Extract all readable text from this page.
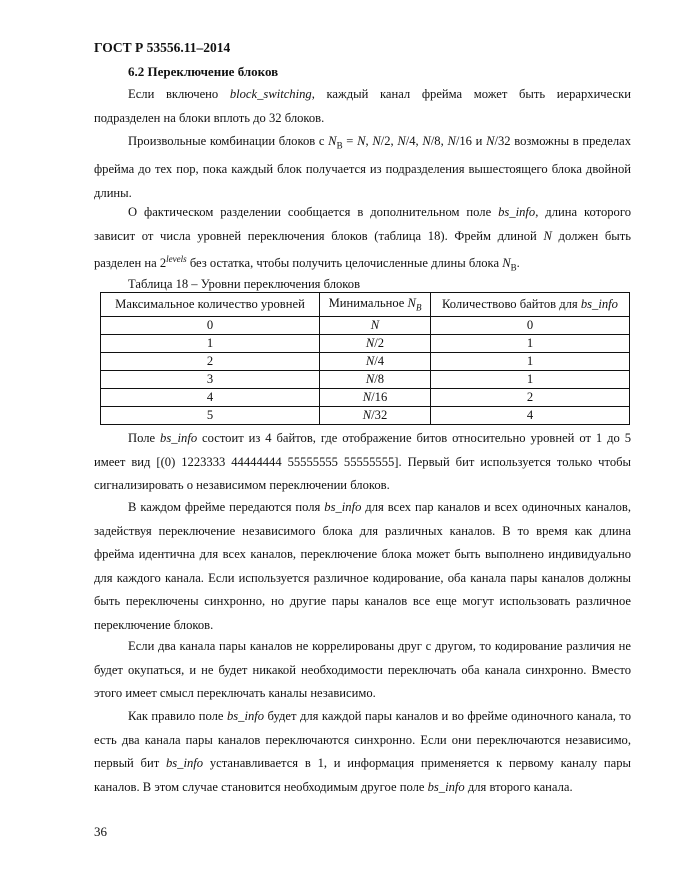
ГОСТ Р 53556.11–2014
6.2 Переключение блоков

Если включено block_switching, каждый канал фрейма может быть иерархически подразделен на блоки вплоть до 32 блоков.

Произвольные комбинации блоков с $N_B = N$, N/2, N/4, N/8, N/16 и N/32 возможны в пределах фрейма до тех пор, пока каждый блок получается из подразделения вышестоящего блока двойной длины.

О фактическом разделении сообщается в дополнительном поле bs_info, длина которого зависит от числа уровней переключения блоков (таблица 18). Фрейм длиной N должен быть разделен на $2^{levels}$ без остатка, чтобы получить целочисленные длины блока $N_B$.

Таблица 18 – Уровни переключения блоков
Максимальное количество уровней	Минимальное $N_B$	Количествово байтов для bs_info
0	N	0
1	N/2	1
2	N/4	1
3	N/8	1
4	N/16	2
5	N/32	4

Поле bs_info состоит из 4 байтов, где отображение битов относительно уровней от 1 до 5 имеет вид [(0) 1223333 44444444 55555555 55555555]. Первый бит используется только чтобы сигнализировать о независимом переключении блоков.

В каждом фрейме передаются поля bs_info для всех пар каналов и всех одиночных каналов, задействуя переключение независимого блока для различных каналов. В то время как длина фрейма идентична для всех каналов, переключение блока может быть выполнено индивидуально для каждого канала. Если используется различное кодирование, оба канала пары каналов должны быть переключены синхронно, но другие пары каналов все еще могут использовать различное переключение блоков.

Если два канала пары каналов не коррелированы друг с другом, то кодирование различия не будет окупаться, и не будет никакой необходимости переключать оба канала синхронно. Вместо этого имеет смысл переключать каналы независимо.

Как правило поле bs_info будет для каждой пары каналов и во фрейме одиночного канала, то есть два канала пары каналов переключаются синхронно. Если они переключаются независимо, первый бит bs_info устанавливается в 1, и информация применяется к первому каналу пары каналов. В этом случае становится необходимым другое поле bs_info для второго канала.

36
